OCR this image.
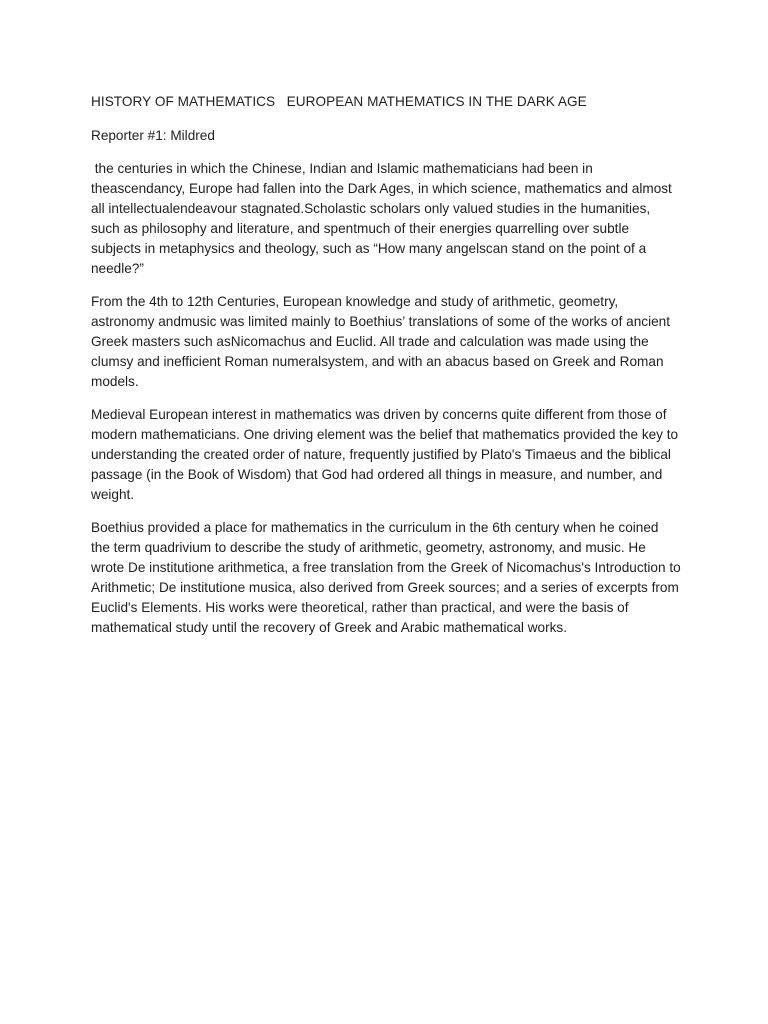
HISTORY OF MATHEMATICS   EUROPEAN MATHEMATICS IN THE DARK AGE
Reporter #1: Mildred

the centuries in which the Chinese, Indian and Islamic mathematicians had been in theascendancy, Europe had fallen into the Dark Ages, in which science, mathematics and almost all intellectualendeavour stagnated.Scholastic scholars only valued studies in the humanities, such as philosophy and literature, and spentmuch of their energies quarrelling over subtle subjects in metaphysics and theology, such as “How many angelscan stand on the point of a needle?”

From the 4th to 12th Centuries, European knowledge and study of arithmetic, geometry, astronomy andmusic was limited mainly to Boethius’ translations of some of the works of ancient Greek masters such asNicomachus and Euclid. All trade and calculation was made using the clumsy and inefficient Roman numeralsystem, and with an abacus based on Greek and Roman models.

Medieval European interest in mathematics was driven by concerns quite different from those of modern mathematicians. One driving element was the belief that mathematics provided the key to understanding the created order of nature, frequently justified by Plato's Timaeus and the biblical passage (in the Book of Wisdom) that God had ordered all things in measure, and number, and weight.

Boethius provided a place for mathematics in the curriculum in the 6th century when he coined the term quadrivium to describe the study of arithmetic, geometry, astronomy, and music. He wrote De institutione arithmetica, a free translation from the Greek of Nicomachus's Introduction to Arithmetic; De institutione musica, also derived from Greek sources; and a series of excerpts from Euclid's Elements. His works were theoretical, rather than practical, and were the basis of mathematical study until the recovery of Greek and Arabic mathematical works.
